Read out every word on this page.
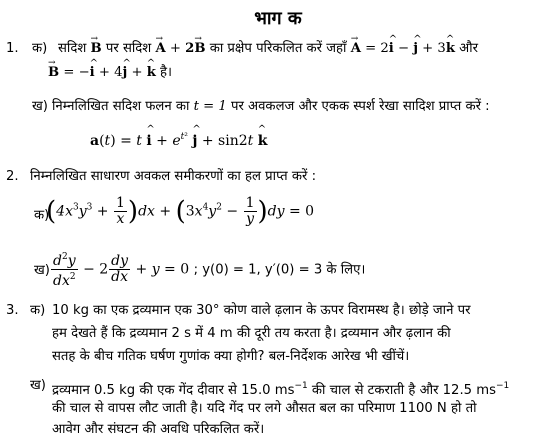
भाग क
1. क) सदिश → B पर सदिश → A + 2→ B का प्रक्षेप परिकलित करें जहाँ → A = 2^ i − ^ j + 3^ k और
→ B = −^ i + 4^ j + ^ k है।
ख) निम्नलिखित सदिश फलन का t = 1 पर अवकलज और एकक स्पर्श रेखा सादिश प्राप्त करें :
a(t) = t ^ $i + e^{t^2}$ ^ j + sin2t ^ k
2. निम्नलिखित साधारण अवकल समीकरणों का हल प्राप्त करें :
क)
$(4x^3y^3 + \frac{1}{x} )dx + (3x^4y^2 - \frac{1}{y} )dy = 0$
ख) $\frac{d^2y}{dx^2} - 2 \frac{dy}{dx} + y = 0$ ; y(0) = 1, y′(0) = 3 के लिए।
3. क) 10 kg का एक द्रव्यमान एक 30° कोण वाले ढ़लान के ऊपर विरामस्थ है। छोड़े जाने पर
हम देखते हैं कि द्रव्यमान 2 s में 4 m की दूरी तय करता है। द्रव्यमान और ढ़लान की
सतह के बीच गतिक घर्षण गुणांक क्या होगी? बल-निर्देशक आरेख भी खींचें।
ख) द्रव्यमान 0.5 kg की एक गेंद दीवार से 15.0 $ms^{-1}$ की चाल से टकराती है और 12.5 $ms^{-1}$
की चाल से वापस लौट जाती है। यदि गेंद पर लगे औसत बल का परिमाण 1100 N हो तो
आवेग और संघटन की अवधि परिकलित करें।
